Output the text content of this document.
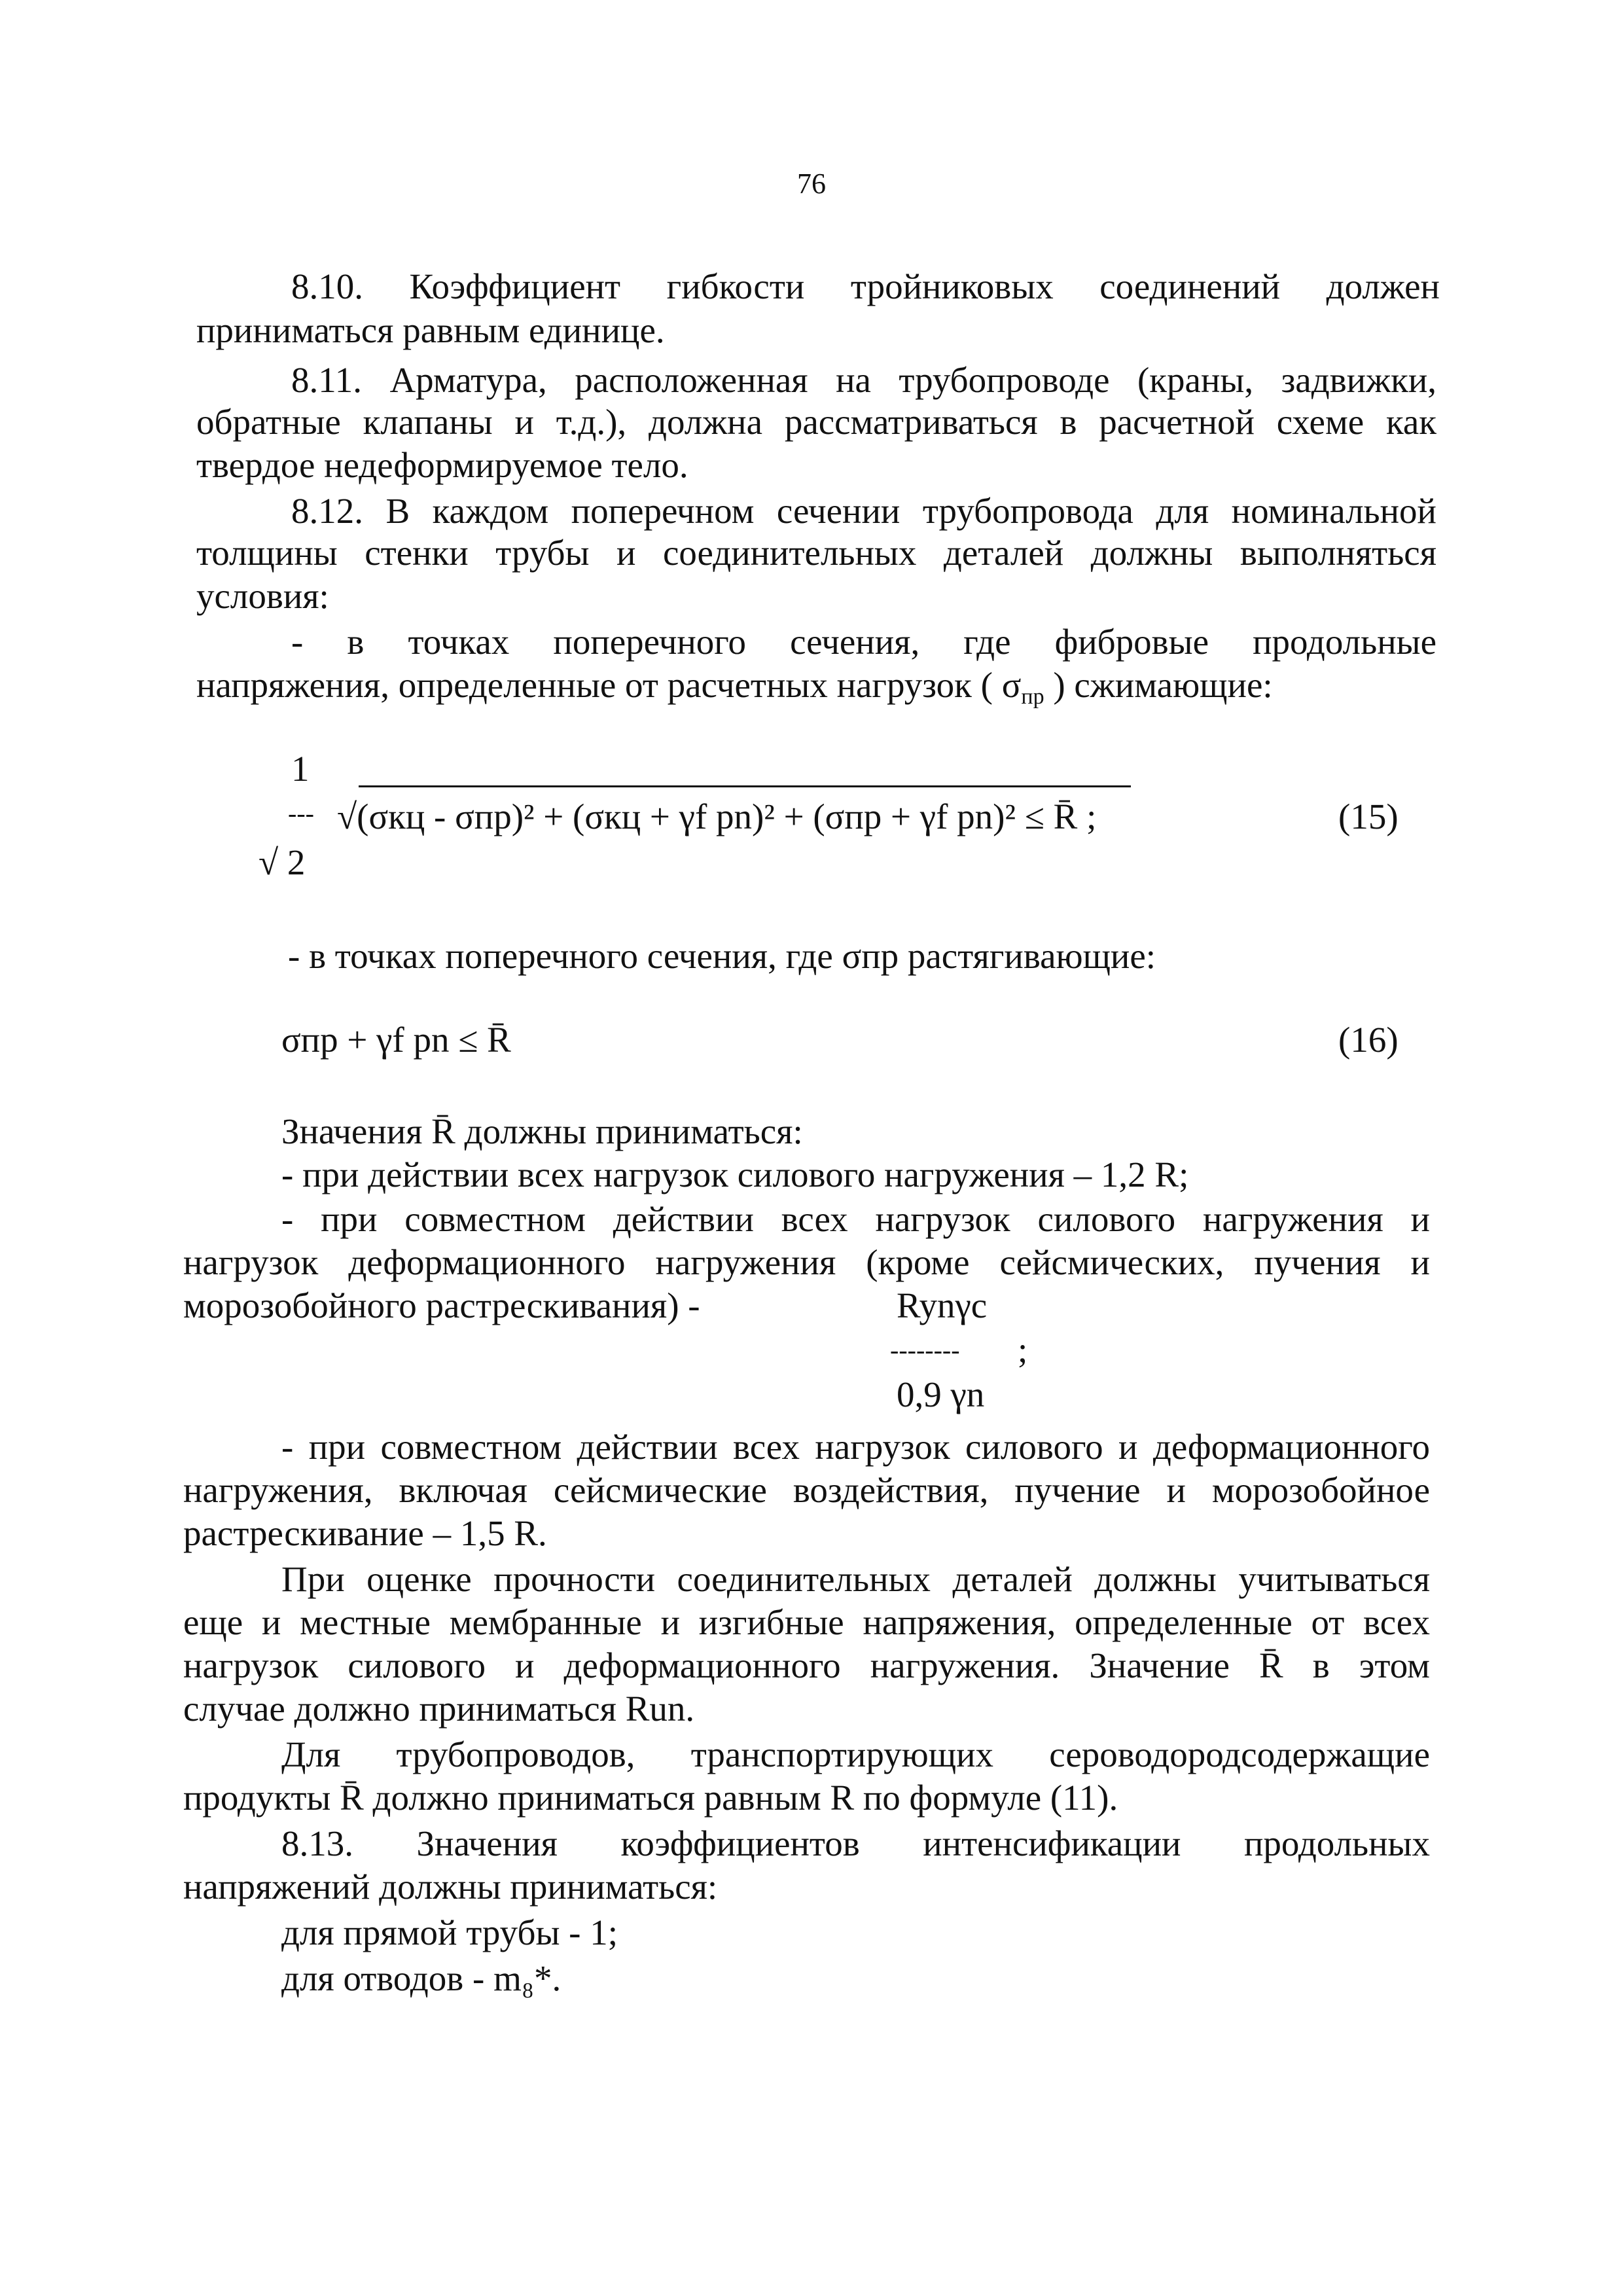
76
8.10. Коэффициент гибкости тройниковых соединений должен
приниматься равным единице.
8.11. Арматура, расположенная на трубопроводе (краны, задвижки,
обратные клапаны и т.д.), должна рассматриваться в расчетной схеме как
твердое недеформируемое тело.
8.12. В каждом поперечном сечении трубопровода для номинальной
толщины стенки трубы и соединительных деталей должны выполняться
условия:
- в точках поперечного сечения, где фибровые продольные
напряжения, определенные от расчетных нагрузок ( $\sigma_{пр}$ ) сжимающие:
1
---
√ 2
√(σкц - σпр)² + (σкц + γf pn)² + (σпр + γf pn)² ≤ R̄ ;	(15)
- в точках поперечного сечения, где σпр растягивающие:
σпр + γf pn ≤ R̄	(16)
Значения R̄ должны приниматься:
- при действии всех нагрузок силового нагружения – 1,2 R;
- при совместном действии всех нагрузок силового нагружения и
нагрузок деформационного нагружения (кроме сейсмических, пучения и
морозобойного растрескивания) -	Rynγc
-------- ;
0,9 γn
- при совместном действии всех нагрузок силового и деформационного
нагружения, включая сейсмические воздействия, пучение и морозобойное
растрескивание – 1,5 R.
При оценке прочности соединительных деталей должны учитываться
еще и местные мембранные и изгибные напряжения, определенные от всех
нагрузок силового и деформационного нагружения. Значение R̄ в этом
случае должно приниматься Run.
Для трубопроводов, транспортирующих сероводородсодержащие
продукты R̄ должно приниматься равным R по формуле (11).
8.13. Значения коэффициентов интенсификации продольных
напряжений должны приниматься:
для прямой трубы - 1;
для отводов - m₈*.
